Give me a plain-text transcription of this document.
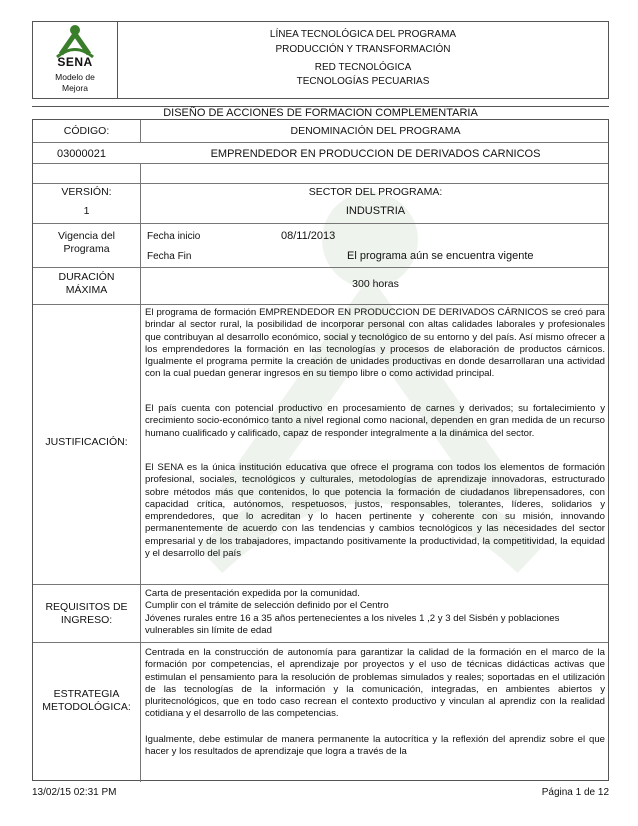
SENA
Modelo de
Mejora
LÍNEA TECNOLÓGICA DEL PROGRAMA
PRODUCCIÓN Y TRANSFORMACIÓN
RED TECNOLÓGICA
TECNOLOGÍAS PECUARIAS
DISEÑO DE ACCIONES DE FORMACION COMPLEMENTARIA
CÓDIGO:	DENOMINACIÓN DEL PROGRAMA
03000021	EMPRENDEDOR EN PRODUCCION DE DERIVADOS CARNICOS
VERSIÓN:	SECTOR DEL PROGRAMA:
1	INDUSTRIA
Vigencia del
Programa
Fecha inicio	08/11/2013
Fecha Fin	El programa aún se encuentra vigente
DURACIÓN
MÁXIMA	300 horas
JUSTIFICACIÓN:

El programa de formación EMPRENDEDOR EN PRODUCCION DE DERIVADOS CÁRNICOS se creó para brindar al sector rural, la posibilidad de incorporar personal con altas calidades laborales y profesionales que contribuyan al desarrollo económico, social y tecnológico de su entorno y del país. Así mismo ofrecer a los emprendedores la formación en las tecnologías y procesos de elaboración de productos cárnicos. Igualmente el programa permite la creación de unidades productivas en donde desarrollaran una actividad con la cual puedan generar ingresos en su tiempo libre o como actividad principal.

El país cuenta con potencial productivo en procesamiento de carnes y derivados; su fortalecimiento y crecimiento socio-económico tanto a nivel regional como nacional, dependen en gran medida de un recurso humano cualificado y calificado, capaz de responder integralmente a la dinámica del sector.

El SENA es la única institución educativa que ofrece el programa con todos los elementos de formación profesional, sociales, tecnológicos y culturales, metodologías de aprendizaje innovadoras, estructurado sobre métodos más que contenidos, lo que potencia la formación de ciudadanos librepensadores, con capacidad crítica, autónomos, respetuosos, justos, responsables, tolerantes, líderes, solidarios y emprendedores, que lo acreditan y lo hacen pertinente y coherente con su misión, innovando permanentemente de acuerdo con las tendencias y cambios tecnológicos y las necesidades del sector empresarial y de los trabajadores, impactando positivamente la productividad, la competitividad, la equidad y el desarrollo del país

REQUISITOS DE
INGRESO:
Carta de presentación expedida por la comunidad.
Cumplir con el trámite de selección definido por el Centro
Jóvenes rurales entre 16 a 35 años pertenecientes a los niveles 1 ,2 y 3 del Sisbén y poblaciones vulnerables sin límite de edad
ESTRATEGIA
METODOLÓGICA:

Centrada en la construcción de autonomía para garantizar la calidad de la formación en el marco de la formación por competencias, el aprendizaje por proyectos y el uso de técnicas didácticas activas que estimulan el pensamiento para la resolución de problemas simulados y reales; soportadas en el utilización de las tecnologías de la información y la comunicación, integradas, en ambientes abiertos y pluritecnológicos, que en todo caso recrean el contexto productivo y vinculan al aprendiz con la realidad cotidiana y el desarrollo de las competencias.

Igualmente, debe estimular de manera permanente la autocrítica y la reflexión del aprendiz sobre el que hacer y los resultados de aprendizaje que logra a través de la

13/02/15 02:31 PM	Página 1 de 12
